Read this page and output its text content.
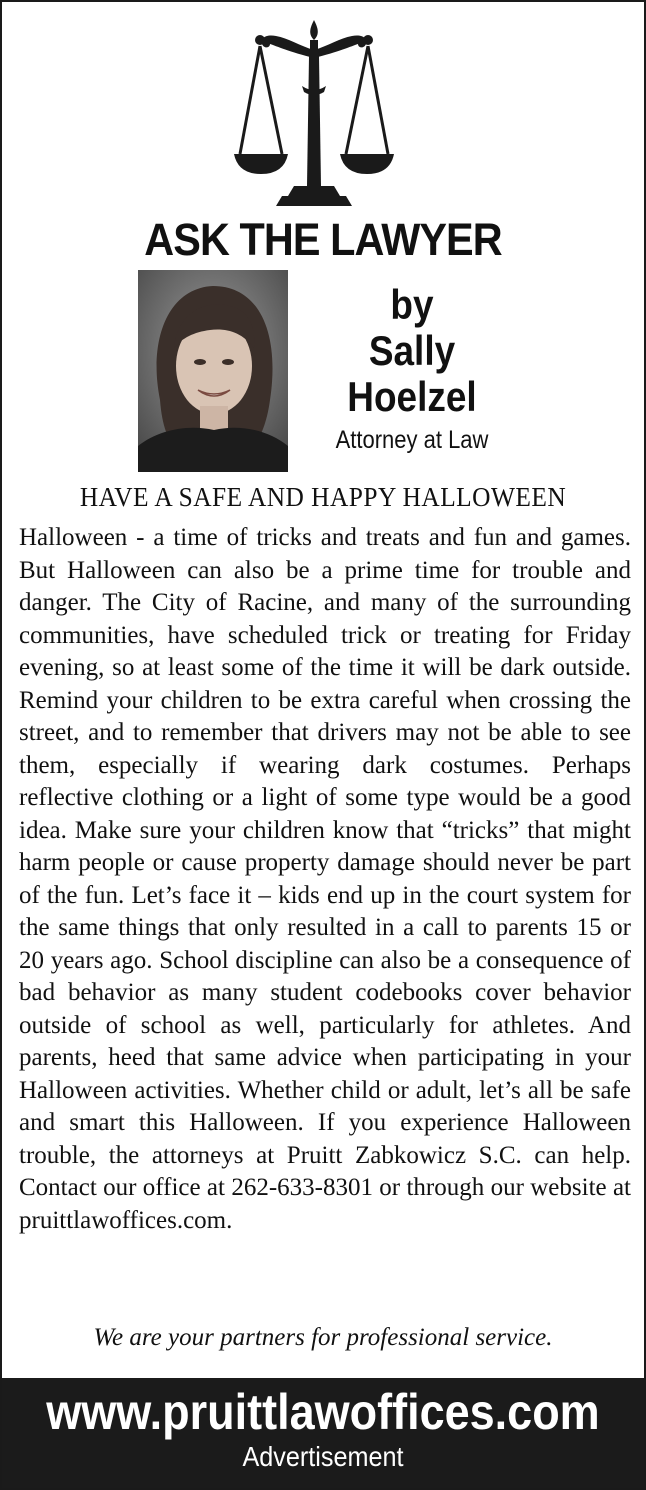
ASK THE LAWYER
by
Sally
Hoelzel
Attorney at Law
HAVE A SAFE AND HAPPY HALLOWEEN
Halloween - a time of tricks and treats and fun and games. But Halloween can also be a prime time for trouble and danger. The City of Racine, and many of the surrounding communities, have scheduled trick or treating for Friday evening, so at least some of the time it will be dark outside. Remind your children to be extra careful when crossing the street, and to remember that drivers may not be able to see them, especially if wearing dark costumes. Perhaps reflective clothing or a light of some type would be a good idea. Make sure your children know that “tricks” that might harm people or cause property damage should never be part of the fun. Let’s face it – kids end up in the court system for the same things that only resulted in a call to parents 15 or 20 years ago. School discipline can also be a consequence of bad behavior as many student codebooks cover behavior outside of school as well, particularly for athletes. And parents, heed that same advice when participating in your Halloween activities. Whether child or adult, let’s all be safe and smart this Halloween. If you experience Halloween trouble, the attorneys at Pruitt Zabkowicz S.C. can help. Contact our office at 262-633-8301 or through our website at pruittlawoffices.com.
We are your partners for professional service.
www.pruittlawoffices.com
Advertisement
